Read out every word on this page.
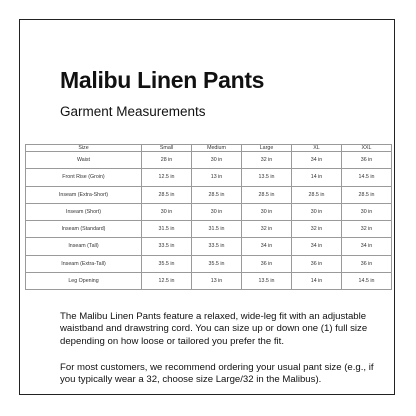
Malibu Linen Pants
Garment Measurements
Size	Small	Medium	Large	XL	XXL
Waist	28 in	30 in	32 in	34 in	36 in
Front Rise (Groin)	12.5 in	13 in	13.5 in	14 in	14.5 in
Inseam (Extra-Short)	28.5 in	28.5 in	28.5 in	28.5 in	28.5 in
Inseam (Short)	30 in	30 in	30 in	30 in	30 in
Inseam (Standard)	31.5 in	31.5 in	32 in	32 in	32 in
Inseam (Tall)	33.5 in	33.5 in	34 in	34 in	34 in
Inseam (Extra-Tall)	35.5 in	35.5 in	36 in	36 in	36 in
Leg Opening	12.5 in	13 in	13.5 in	14 in	14.5 in

The Malibu Linen Pants feature a relaxed, wide-leg fit with an adjustable waistband and drawstring cord. You can size up or down one (1) full size depending on how loose or tailored you prefer the fit.

For most customers, we recommend ordering your usual pant size (e.g., if you typically wear a 32, choose size Large/32 in the Malibus).
